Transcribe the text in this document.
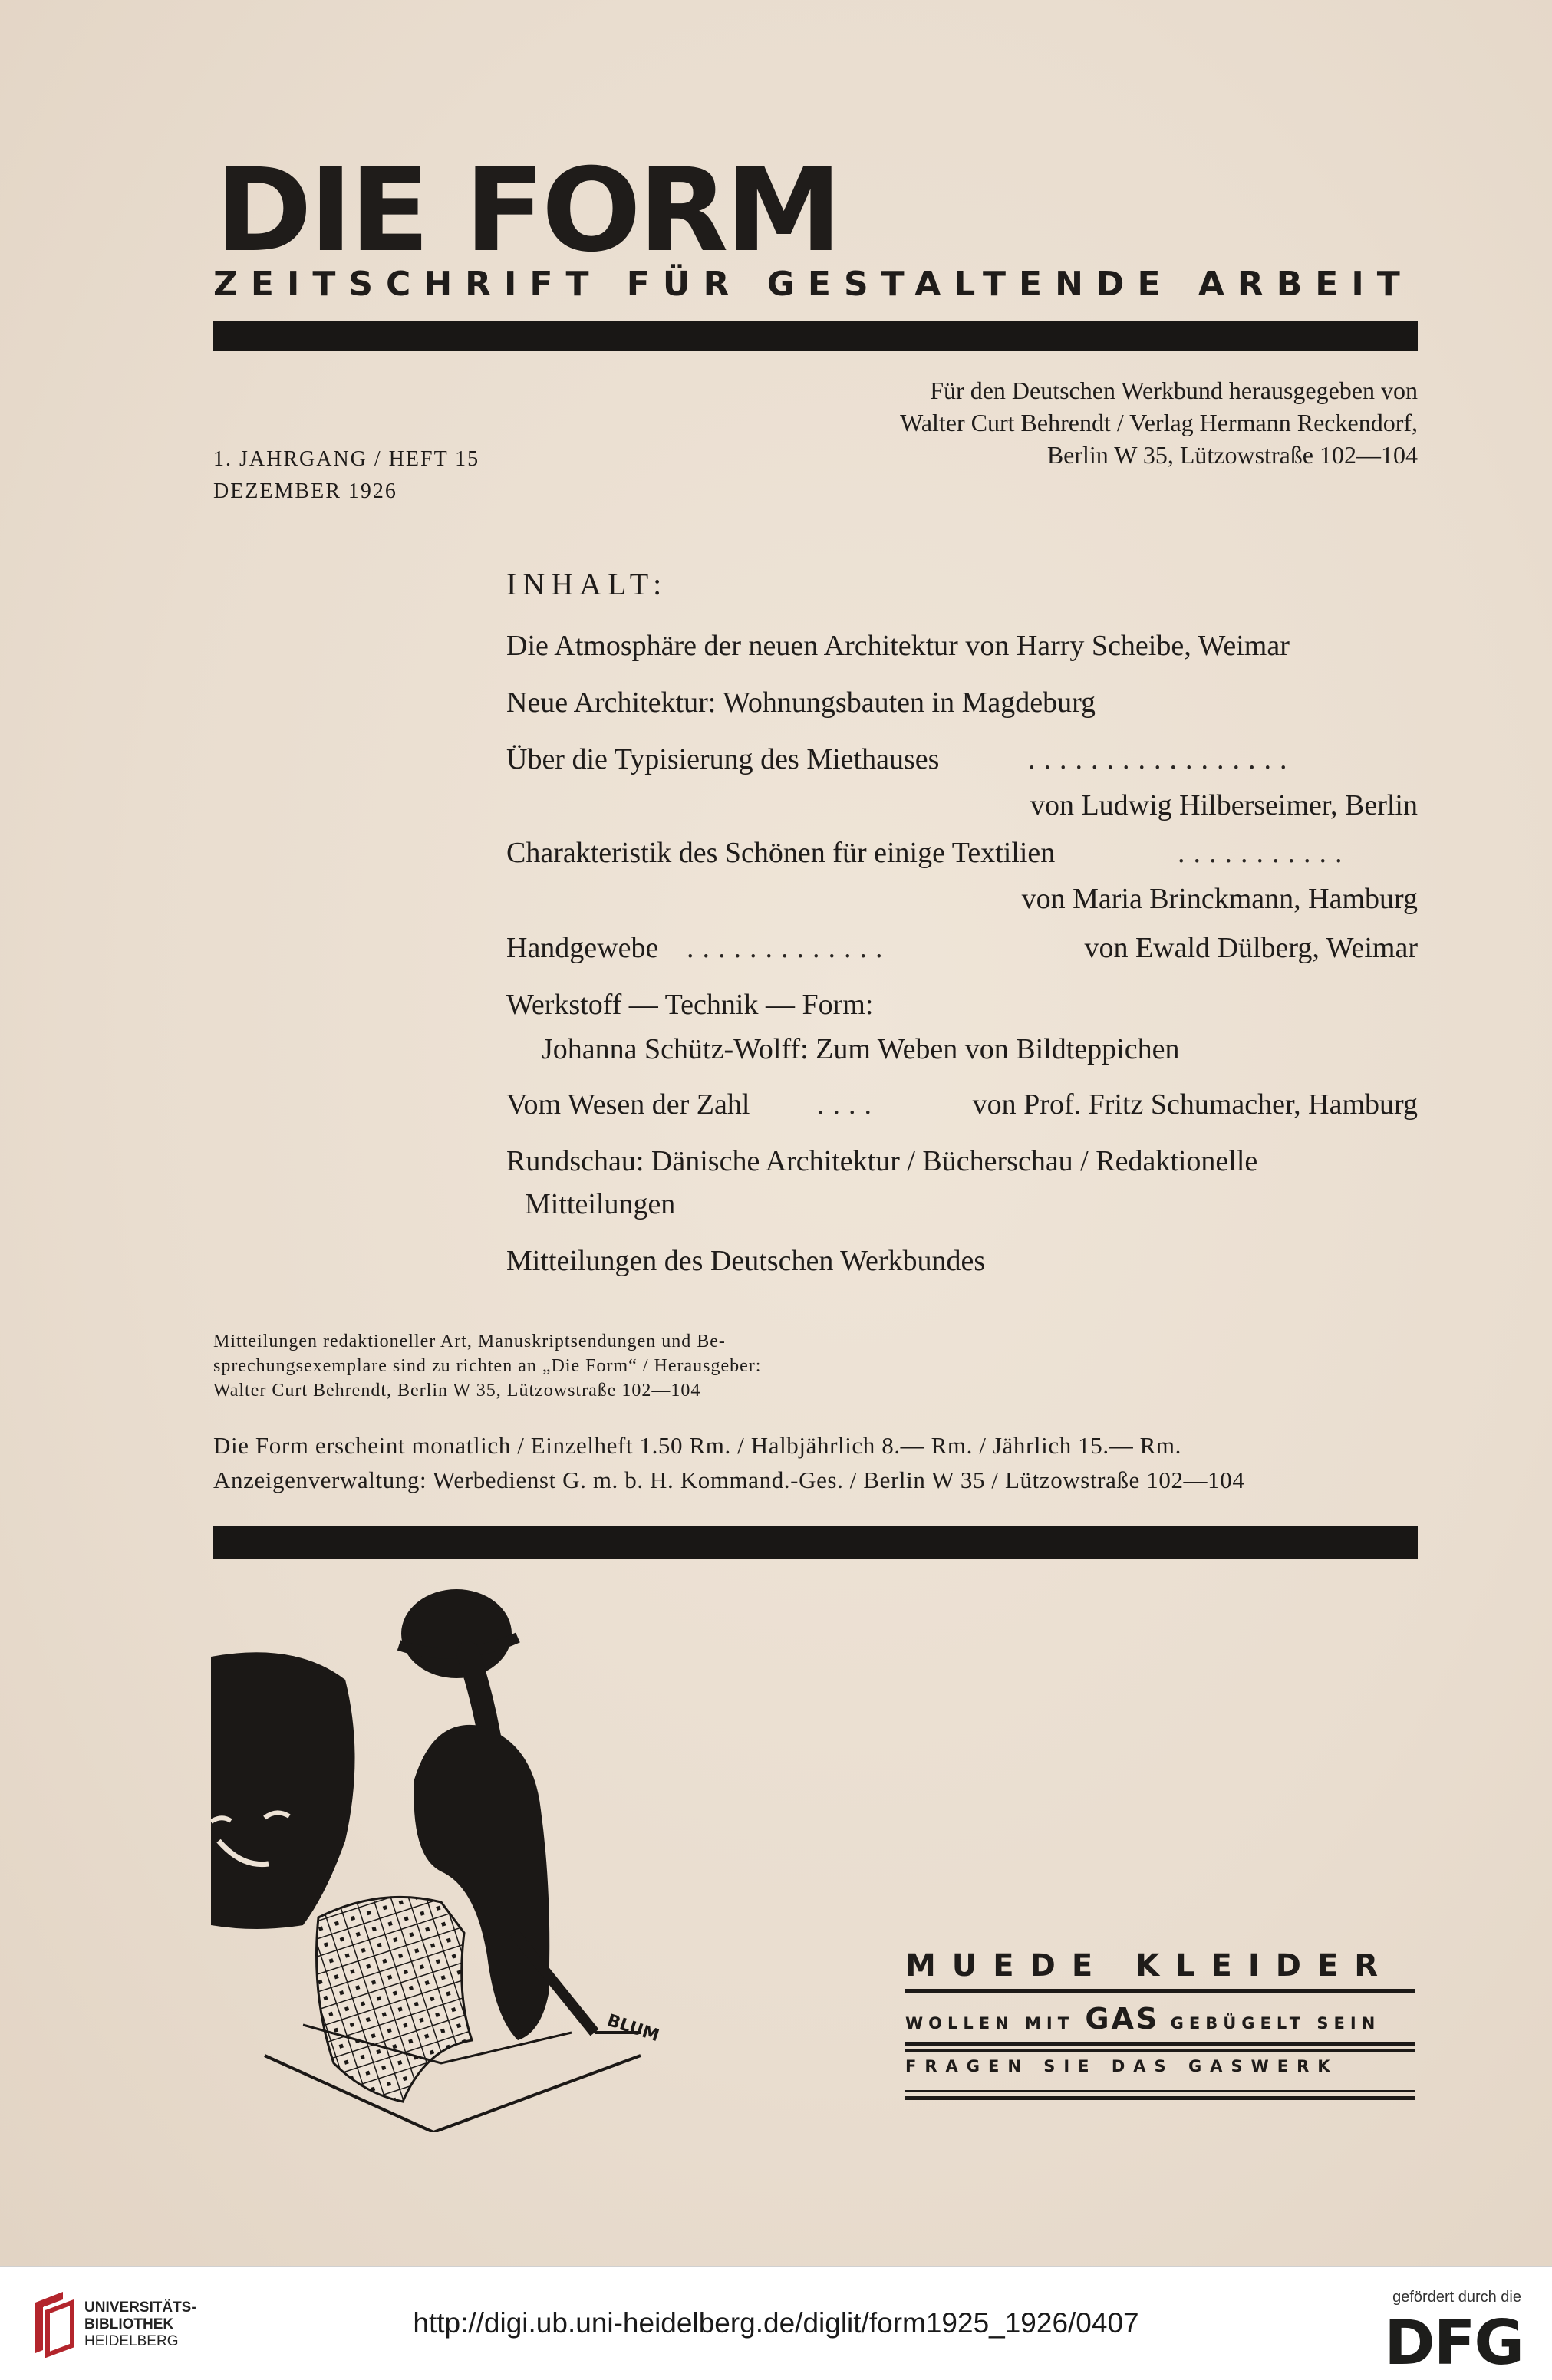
DIE FORM
ZEITSCHRIFT FÜR GESTALTENDE ARBEIT
Für den Deutschen Werkbund herausgegeben von
Walter Curt Behrendt / Verlag Hermann Reckendorf,
Berlin W 35, Lützowstraße 102—104
1. JAHRGANG / HEFT 15
DEZEMBER 1926
INHALT:
Die Atmosphäre der neuen Architektur von Harry Scheibe, Weimar
Neue Architektur: Wohnungsbauten in Magdeburg
Über die Typisierung des Miethauses	.................
von Ludwig Hilberseimer, Berlin
Charakteristik des Schönen für einige Textilien	...........
von Maria Brinckmann, Hamburg
Handgewebe .............	von Ewald Dülberg, Weimar
Werkstoff — Technik — Form:
Johanna Schütz-Wolff: Zum Weben von Bildteppichen
Vom Wesen der Zahl ....	von Prof. Fritz Schumacher, Hamburg
Rundschau: Dänische Architektur / Bücherschau / Redaktionelle
Mitteilungen
Mitteilungen des Deutschen Werkbundes
Mitteilungen redaktioneller Art, Manuskriptsendungen und Be-
sprechungsexemplare sind zu richten an „Die Form“ / Herausgeber:
Walter Curt Behrendt, Berlin W 35, Lützowstraße 102—104
Die Form erscheint monatlich / Einzelheft 1.50 Rm. / Halbjährlich 8.— Rm. / Jährlich 15.— Rm.
Anzeigenverwaltung: Werbedienst G. m. b. H. Kommand.-Ges. / Berlin W 35 / Lützowstraße 102—104
BLUM
MUEDE KLEIDER
WOLLEN MIT GAS GEBÜGELT SEIN
FRAGEN SIE DAS GASWERK
UNIVERSITÄTS-
BIBLIOTHEK
HEIDELBERG
http://digi.ub.uni-heidelberg.de/diglit/form1925_1926/0407
gefördert durch die
DFG
